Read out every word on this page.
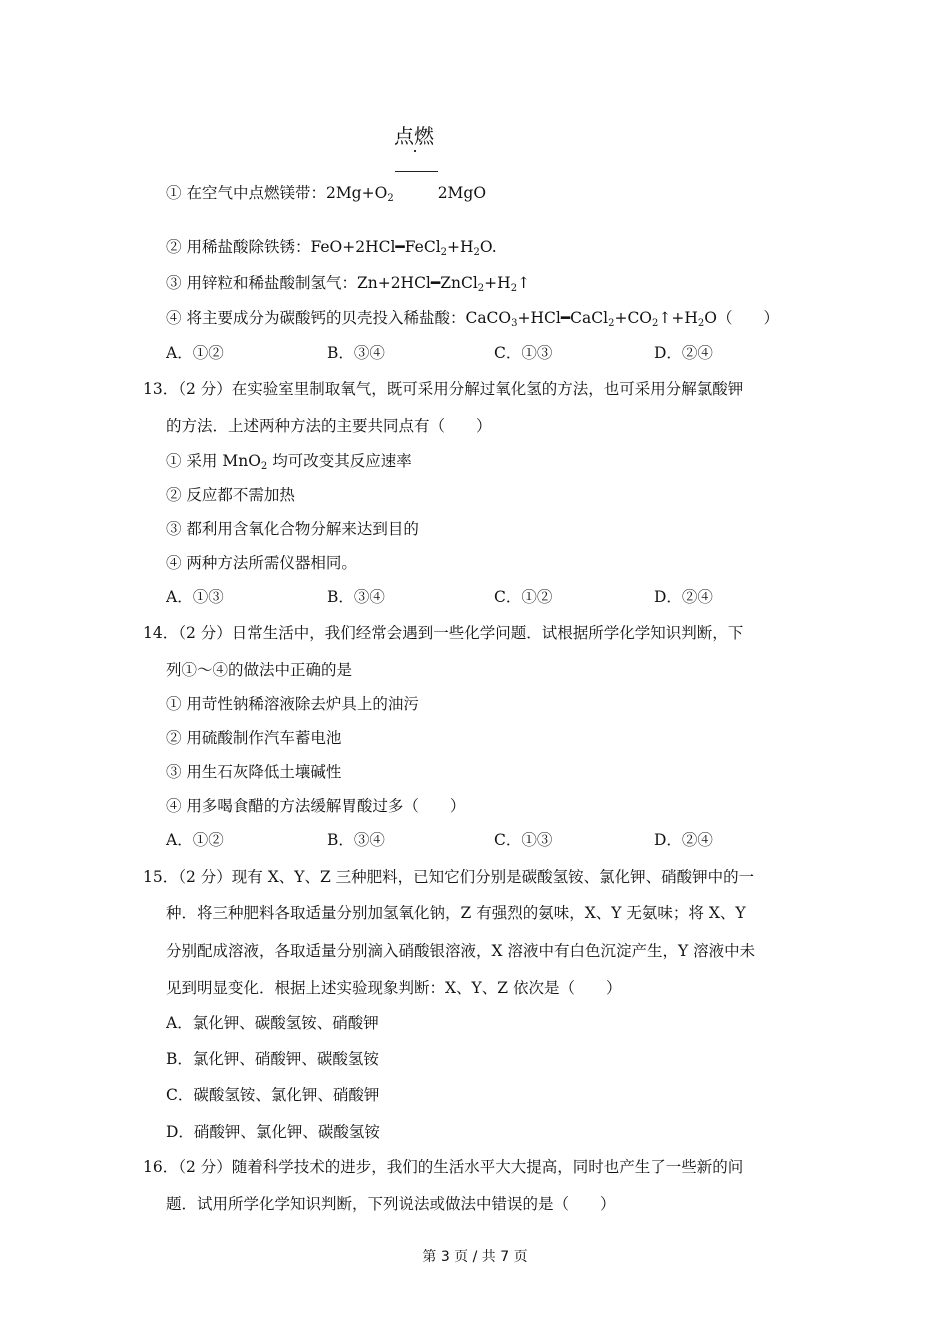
点燃
① 在空气中点燃镁带：$2Mg+O_2$	2MgO
② 用稀盐酸除铁锈：$FeO+2HCl━FeCl_2+H_2O$.
③ 用锌粒和稀盐酸制氢气：$Zn+2HCl━ZnCl_2+H_2↑$
④ 将主要成分为碳酸钙的贝壳投入稀盐酸：$CaCO_3+HCl━CaCl_2+CO_2↑+H_2O$（　　）
A．①②	B．③④	C．①③	D．②④
13．（2 分）在实验室里制取氧气，既可采用分解过氧化氢的方法，也可采用分解氯酸钾
的方法．上述两种方法的主要共同点有（　　）
① 采用 MnO$_2$ 均可改变其反应速率
② 反应都不需加热
③ 都利用含氧化合物分解来达到目的
④ 两种方法所需仪器相同。
A．①③	B．③④	C．①②	D．②④
14．（2 分）日常生活中，我们经常会遇到一些化学问题．试根据所学化学知识判断，下
列①～④的做法中正确的是
① 用苛性钠稀溶液除去炉具上的油污
② 用硫酸制作汽车蓄电池
③ 用生石灰降低土壤碱性
④ 用多喝食醋的方法缓解胃酸过多（　　）
A．①②	B．③④	C．①③	D．②④
15．（2 分）现有 X、Y、Z 三种肥料，已知它们分别是碳酸氢铵、氯化钾、硝酸钾中的一
种．将三种肥料各取适量分别加氢氧化钠，Z 有强烈的氨味，X、Y 无氨味；将 X、Y
分别配成溶液，各取适量分别滴入硝酸银溶液，X 溶液中有白色沉淀产生，Y 溶液中未
见到明显变化．根据上述实验现象判断：X、Y、Z 依次是（　　）
A．氯化钾、碳酸氢铵、硝酸钾
B．氯化钾、硝酸钾、碳酸氢铵
C．碳酸氢铵、氯化钾、硝酸钾
D．硝酸钾、氯化钾、碳酸氢铵
16．（2 分）随着科学技术的进步，我们的生活水平大大提高，同时也产生了一些新的问
题．试用所学化学知识判断，下列说法或做法中错误的是（　　）
第 3 页 / 共 7 页
